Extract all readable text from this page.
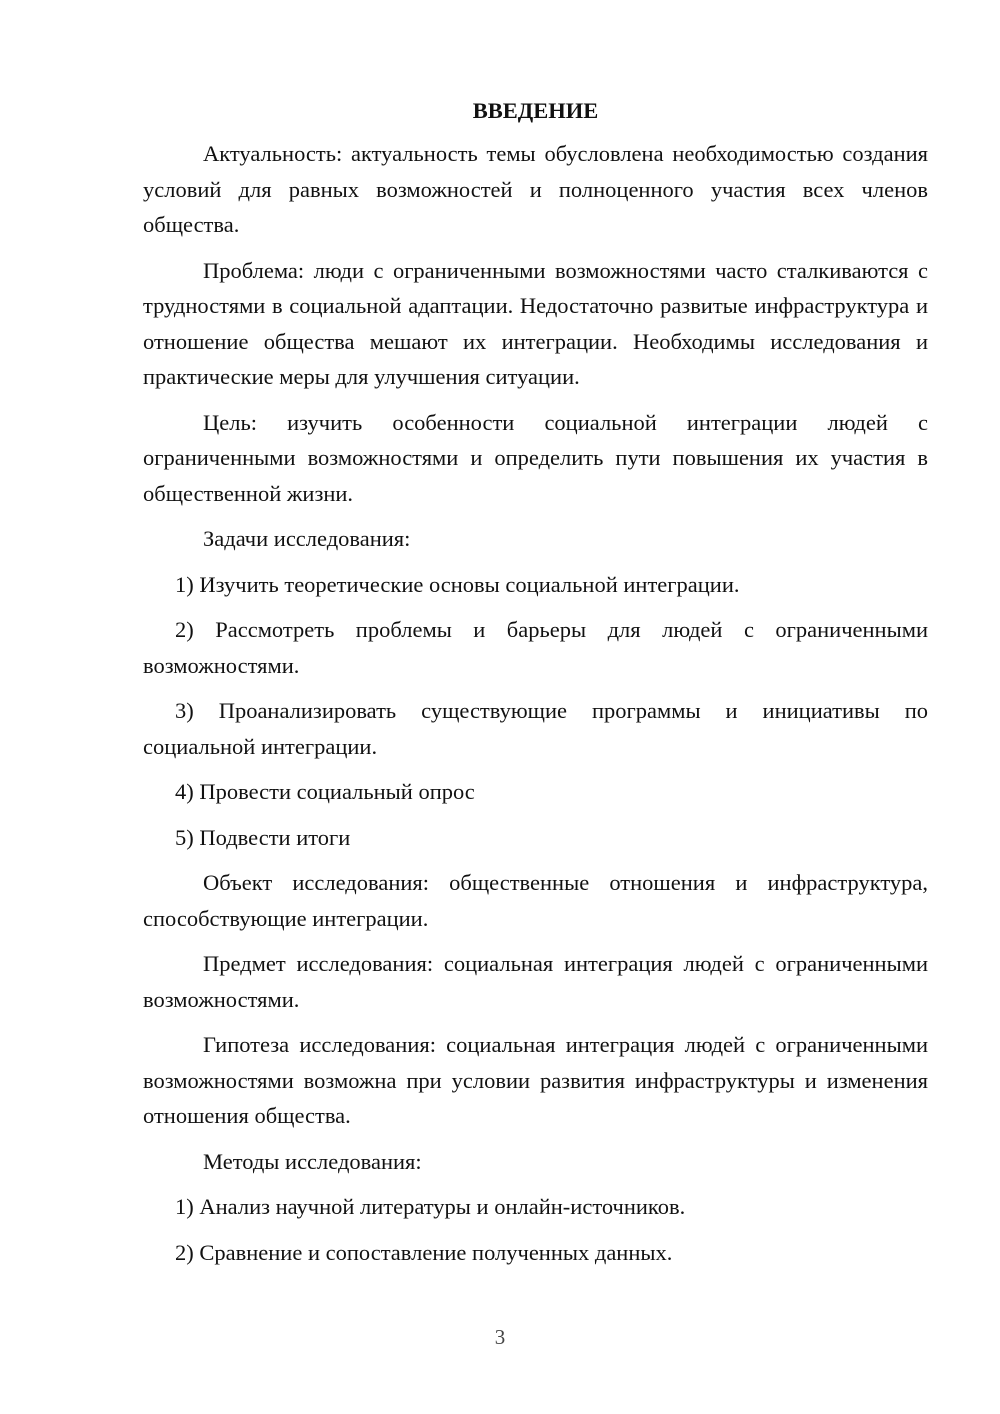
ВВЕДЕНИЕ

Актуальность: актуальность темы обусловлена необходимостью создания условий для равных возможностей и полноценного участия всех членов общества.

Проблема: люди с ограниченными возможностями часто сталкиваются с трудностями в социальной адаптации. Недостаточно развитые инфраструктура и отношение общества мешают их интеграции. Необходимы исследования и практические меры для улучшения ситуации.

Цель: изучить особенности социальной интеграции людей с ограниченными возможностями и определить пути повышения их участия в общественной жизни.

Задачи исследования:

1) Изучить теоретические основы социальной интеграции.

2) Рассмотреть проблемы и барьеры для людей с ограниченными возможностями.

3) Проанализировать существующие программы и инициативы по социальной интеграции.

4) Провести социальный опрос

5) Подвести итоги

Объект исследования: общественные отношения и инфраструктура, способствующие интеграции.

Предмет исследования: социальная интеграция людей с ограниченными возможностями.

Гипотеза исследования: социальная интеграция людей с ограниченными возможностями возможна при условии развития инфраструктуры и изменения отношения общества.

Методы исследования:

1) Анализ научной литературы и онлайн-источников.

2) Сравнение и сопоставление полученных данных.

3
